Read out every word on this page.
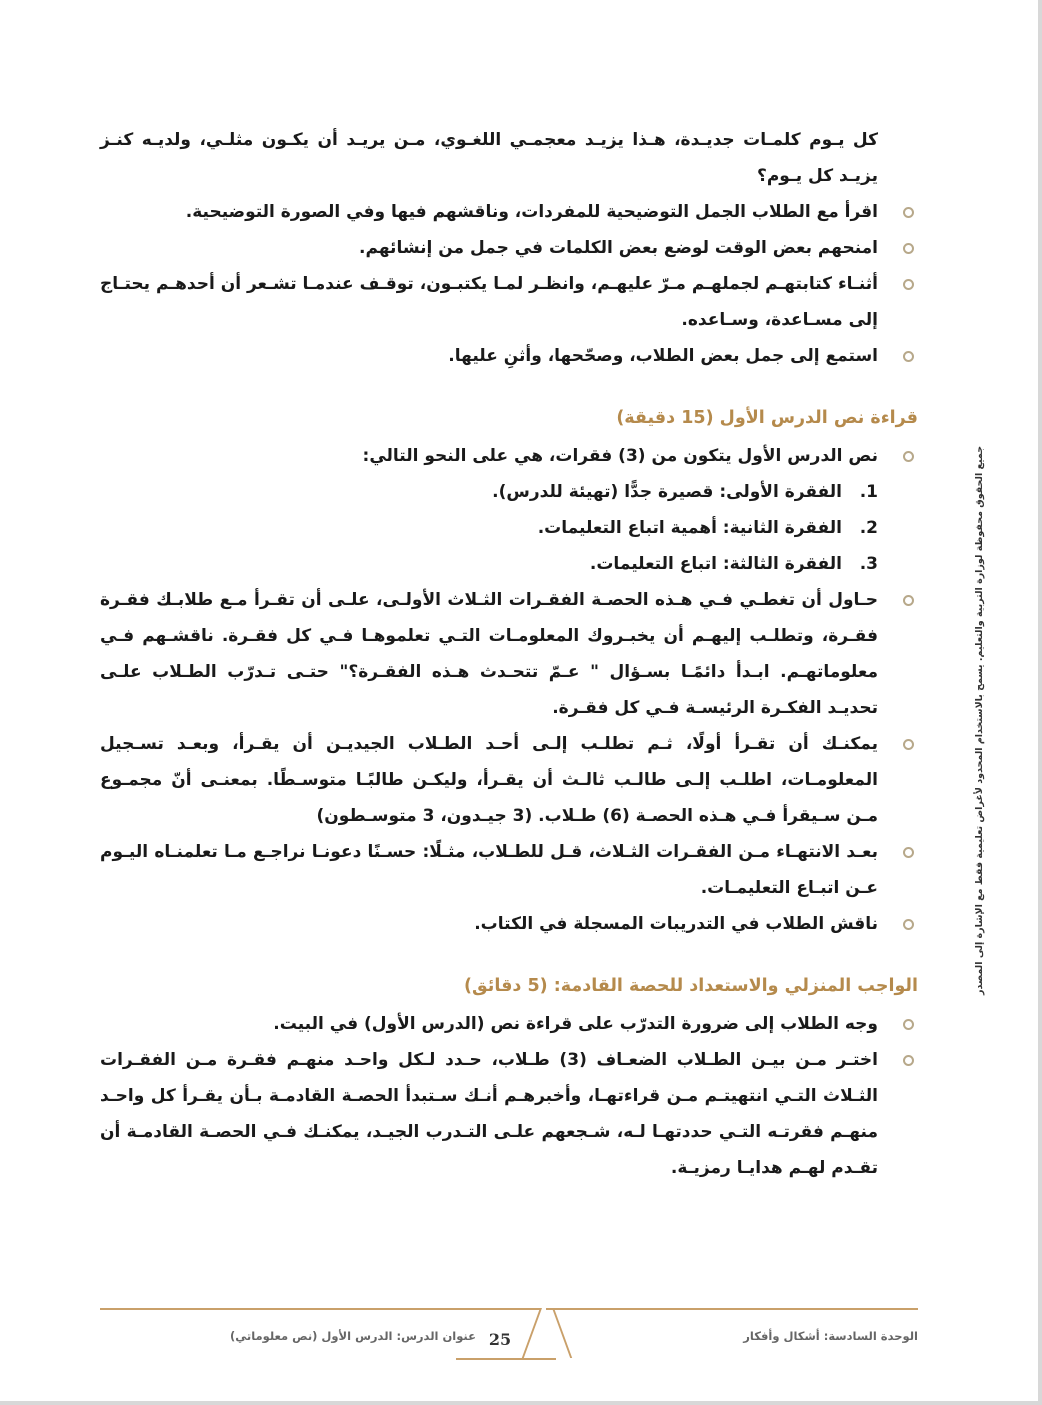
جميع الحقوق محفوظة لوزارة التربية والتعليم. يسمح بالاستخدام المحدود لأغراض تعليمية فقط مع الإشارة إلى المصدر

كل يـوم كلمـات جديـدة، هـذا يزيـد معجمـي اللغـوي، مـن يريـد أن يكـون مثلـي، ولديـه كنـز يزيـد كل يـوم؟

اقرأ مع الطلاب الجمل التوضيحية للمفردات، وناقشهم فيها وفي الصورة التوضيحية.
امنحهم بعض الوقت لوضع بعض الكلمات في جمل من إنشائهم.
أثنـاء كتابتهـم لجملهـم مـرّ عليهـم، وانظـر لمـا يكتبـون، توقـف عندمـا تشـعر أن أحدهـم يحتـاج إلى مسـاعدة، وسـاعده.
استمع إلى جمل بعض الطلاب، وصحّحها، وأثنِ عليها.
قراءة نص الدرس الأول (15 دقيقة)
نص الدرس الأول يتكون من (3) فقرات، هي على النحو التالي:
1.
الفقرة الأولى: قصيرة جدًّا (تهيئة للدرس).
2.
الفقرة الثانية: أهمية اتباع التعليمات.
3.
الفقرة الثالثة: اتباع التعليمات.
حـاول أن تغطـي فـي هـذه الحصـة الفقـرات الثـلاث الأولـى، علـى أن تقـرأ مـع طلابـك فقـرة فقـرة، وتطلـب إليهـم أن يخبـروك المعلومـات التـي تعلموهـا فـي كل فقـرة. ناقشـهم فـي معلوماتهـم. ابـدأ دائمًـا بسـؤال " عـمّ تتحـدث هـذه الفقـرة؟" حتـى تـدرّب الطـلاب علـى تحديـد الفكـرة الرئيسـة فـي كل فقـرة.
يمكنـك أن تقـرأ أولًا، ثـم تطلـب إلـى أحـد الطـلاب الجيديـن أن يقـرأ، وبعـد تسـجيل المعلومـات، اطلـب إلـى طالـب ثالـث أن يقـرأ، وليكـن طالبًـا متوسـطًا. بمعنـى أنّ مجمـوع مـن سـيقرأ فـي هـذه الحصـة (6) طـلاب. (3 جيـدون، 3 متوسـطون)
بعـد الانتهـاء مـن الفقـرات الثـلاث، قـل للطـلاب، مثـلًا: حسـنًا دعونـا نراجـع مـا تعلمنـاه اليـوم عـن اتبـاع التعليمـات.
ناقش الطلاب في التدريبات المسجلة في الكتاب.
الواجب المنزلي والاستعداد للحصة القادمة: (5 دقائق)
وجه الطلاب إلى ضرورة التدرّب على قراءة نص (الدرس الأول) في البيت.
اختـر مـن بيـن الطـلاب الضعـاف (3) طـلاب، حـدد لـكل واحـد منهـم فقـرة مـن الفقـرات الثـلاث التـي انتهيتـم مـن قراءتهـا، وأخبرهـم أنـك سـتبدأ الحصـة القادمـة بـأن يقـرأ كل واحـد منهـم فقرتـه التـي حددتهـا لـه، شـجعهم علـى التـدرب الجيـد، يمكنـك فـي الحصـة القادمـة أن تقـدم لهـم هدايـا رمزيـة.
25
عنوان الدرس: الدرس الأول (نص معلوماتي)	الوحدة السادسة: أشكال وأفكار
